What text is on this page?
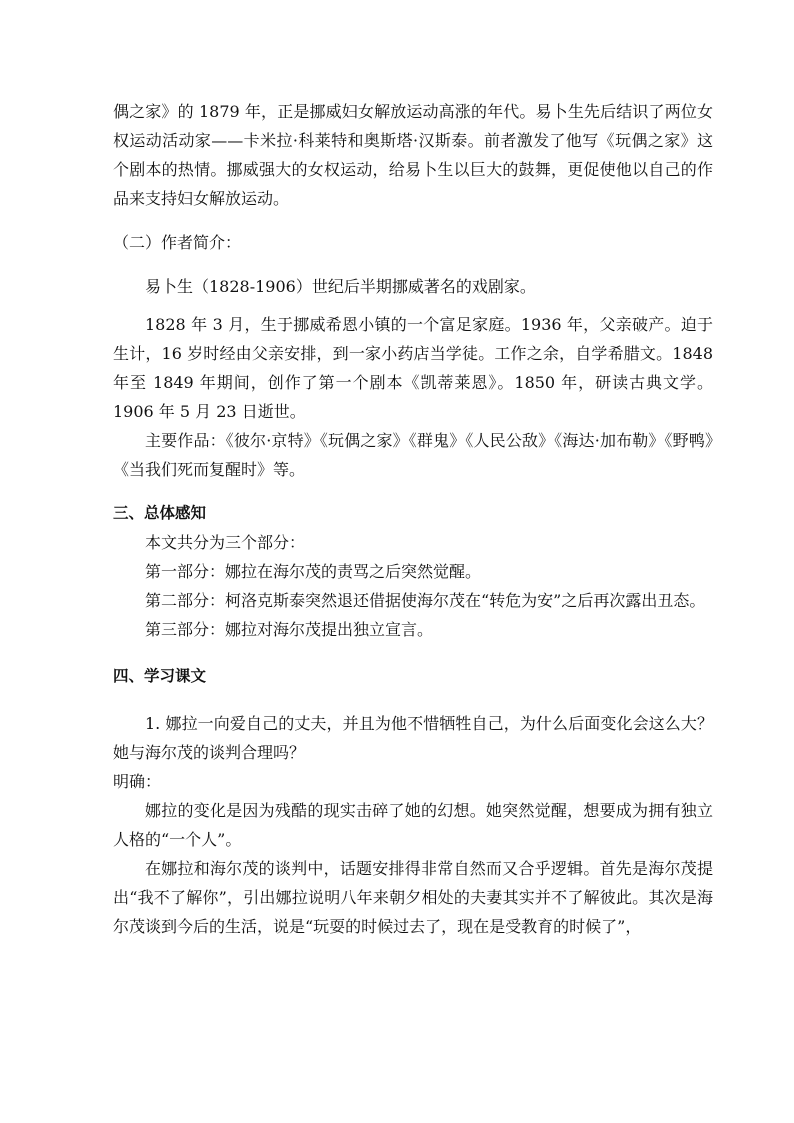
偶之家》的 1879 年，正是挪威妇女解放运动高涨的年代。易卜生先后结识了两位女权运动活动家——卡米拉·科莱特和奥斯塔·汉斯泰。前者激发了他写《玩偶之家》这个剧本的热情。挪威强大的女权运动，给易卜生以巨大的鼓舞，更促使他以自己的作品来支持妇女解放运动。

（二）作者简介：

易卜生（1828-1906）世纪后半期挪威著名的戏剧家。

1828 年 3 月，生于挪威希恩小镇的一个富足家庭。1936 年，父亲破产。迫于生计，16 岁时经由父亲安排，到一家小药店当学徒。工作之余，自学希腊文。1848 年至 1849 年期间，创作了第一个剧本《凯蒂莱恩》。1850 年，研读古典文学。1906 年 5 月 23 日逝世。

主要作品：《彼尔·京特》《玩偶之家》《群鬼》《人民公敌》《海达·加布勒》《野鸭》《当我们死而复醒时》等。

三、总体感知

本文共分为三个部分：

第一部分：娜拉在海尔茂的责骂之后突然觉醒。

第二部分：柯洛克斯泰突然退还借据使海尔茂在“转危为安”之后再次露出丑态。

第三部分：娜拉对海尔茂提出独立宣言。

四、学习课文

1. 娜拉一向爱自己的丈夫，并且为他不惜牺牲自己，为什么后面变化会这么大？她与海尔茂的谈判合理吗？

明确：

娜拉的变化是因为残酷的现实击碎了她的幻想。她突然觉醒，想要成为拥有独立人格的“一个人”。

在娜拉和海尔茂的谈判中，话题安排得非常自然而又合乎逻辑。首先是海尔茂提出“我不了解你”，引出娜拉说明八年来朝夕相处的夫妻其实并不了解彼此。其次是海尔茂谈到今后的生活，说是“玩耍的时候过去了，现在是受教育的时候了”，
